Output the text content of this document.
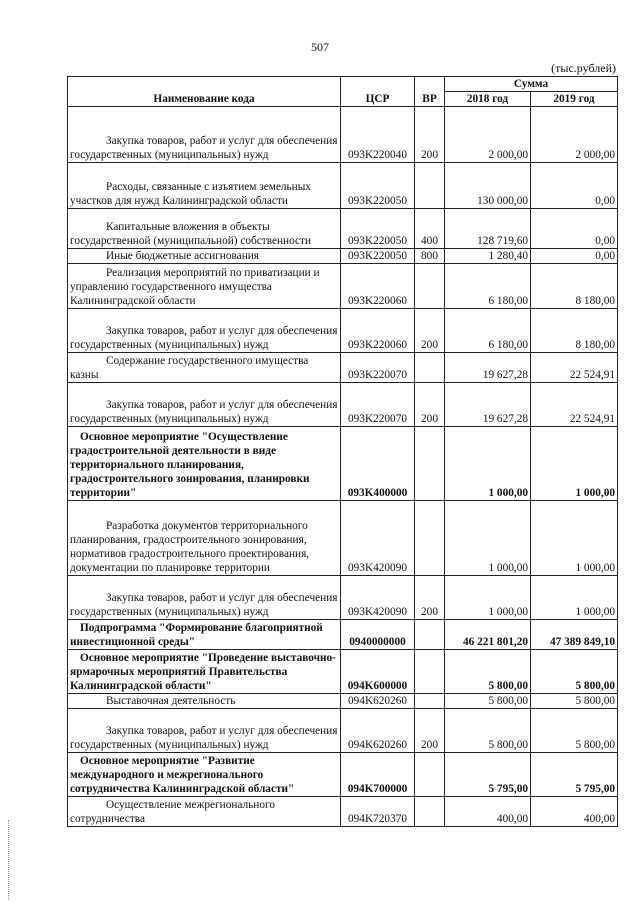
507
(тыс.рублей)
Наименование кода	ЦСР	ВР	Сумма	
			2018 год	2019 год
Закупка товаров, работ и услуг для обеспечения государственных (муниципальных) нужд	093K220040	200	2 000,00	2 000,00
Расходы, связанные с изъятием земельных участков для нужд Калининградской области	093K220050		130 000,00	0,00
Капитальные вложения в объекты государственной (муниципальной) собственности	093K220050	400	128 719,60	0,00
Иные бюджетные ассигнования	093K220050	800	1 280,40	0,00
Реализация мероприятий по приватизации и управлению государственного имущества Калининградской области	093K220060		6 180,00	8 180,00
Закупка товаров, работ и услуг для обеспечения государственных (муниципальных) нужд	093K220060	200	6 180,00	8 180,00
Содержание государственного имущества казны	093K220070		19 627,28	22 524,91
Закупка товаров, работ и услуг для обеспечения государственных (муниципальных) нужд	093K220070	200	19 627,28	22 524,91
Основное мероприятие "Осуществление градостроительной деятельности в виде территориального планирования, градостроительного зонирования, планировки территории"	093K400000		1 000,00	1 000,00
Разработка документов территориального планирования, градостроительного зонирования, нормативов градостроительного проектирования, документации по планировке территории	093K420090		1 000,00	1 000,00
Закупка товаров, работ и услуг для обеспечения государственных (муниципальных) нужд	093K420090	200	1 000,00	1 000,00
Подпрограмма "Формирование благоприятной инвестиционной среды"	0940000000		46 221 801,20	47 389 849,10
Основное мероприятие "Проведение выставочно-ярмарочных мероприятий Правительства Калининградской области"	094K600000		5 800,00	5 800,00
Выставочная деятельность	094K620260		5 800,00	5 800,00
Закупка товаров, работ и услуг для обеспечения государственных (муниципальных) нужд	094K620260	200	5 800,00	5 800,00
Основное мероприятие "Развитие международного и межрегионального сотрудничества Калининградской области"	094K700000		5 795,00	5 795,00
Осуществление межрегионального сотрудничества	094K720370		400,00	400,00
